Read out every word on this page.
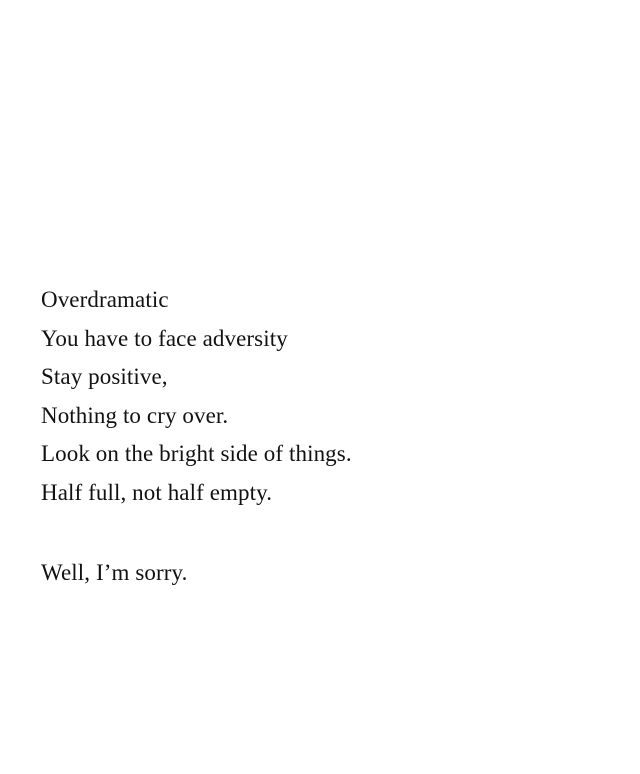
Overdramatic
You have to face adversity
Stay positive,
Nothing to cry over.
Look on the bright side of things.
Half full, not half empty.
Well, I’m sorry.
